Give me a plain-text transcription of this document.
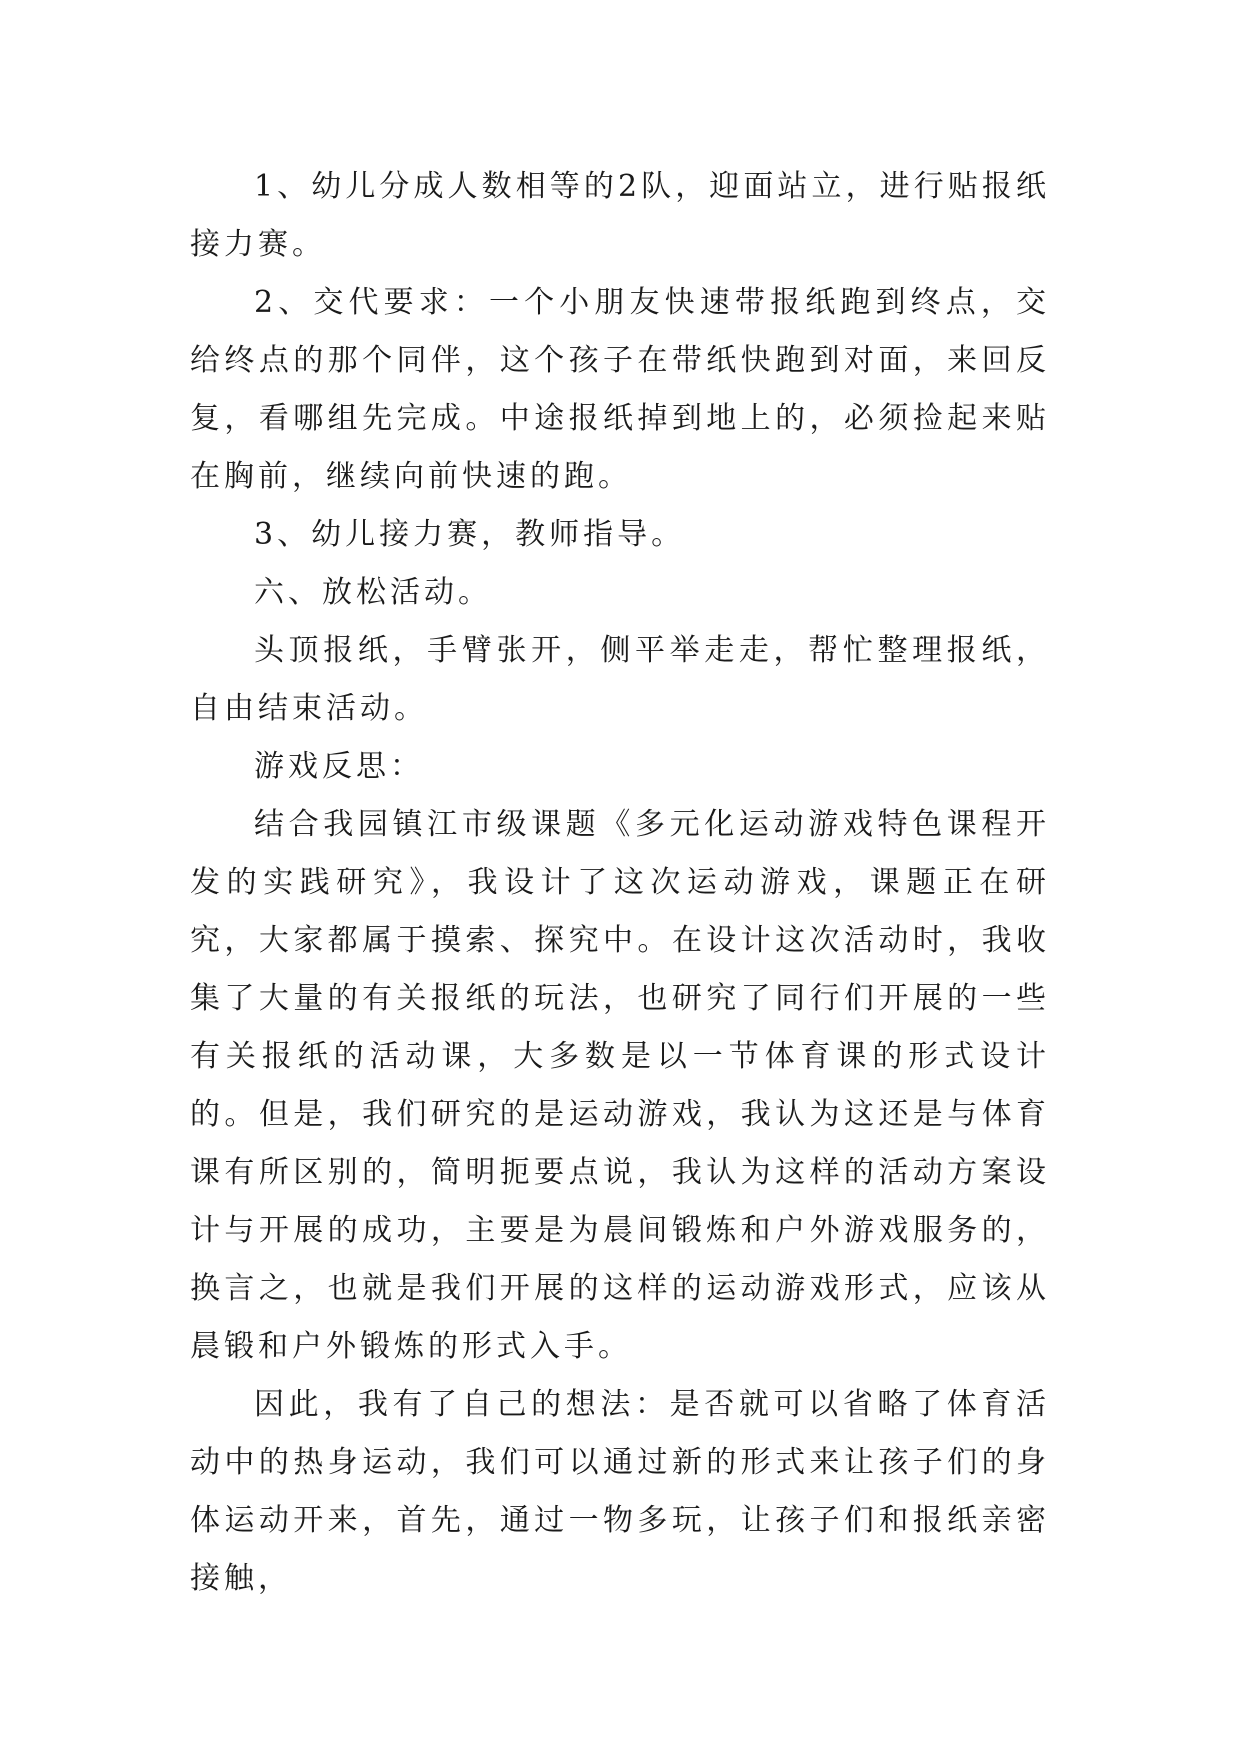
1、幼儿分成人数相等的2队，迎面站立，进行贴报纸接力赛。

2、交代要求：一个小朋友快速带报纸跑到终点，交给终点的那个同伴，这个孩子在带纸快跑到对面，来回反复，看哪组先完成。中途报纸掉到地上的，必须捡起来贴在胸前，继续向前快速的跑。

3、幼儿接力赛，教师指导。

六、放松活动。

头顶报纸，手臂张开，侧平举走走，帮忙整理报纸，自由结束活动。

游戏反思：

结合我园镇江市级课题《多元化运动游戏特色课程开发的实践研究》，我设计了这次运动游戏，课题正在研究，大家都属于摸索、探究中。在设计这次活动时，我收集了大量的有关报纸的玩法，也研究了同行们开展的一些有关报纸的活动课，大多数是以一节体育课的形式设计的。但是，我们研究的是运动游戏，我认为这还是与体育课有所区别的，简明扼要点说，我认为这样的活动方案设计与开展的成功，主要是为晨间锻炼和户外游戏服务的，换言之，也就是我们开展的这样的运动游戏形式，应该从晨锻和户外锻炼的形式入手。

因此，我有了自己的想法：是否就可以省略了体育活动中的热身运动，我们可以通过新的形式来让孩子们的身体运动开来，首先，通过一物多玩，让孩子们和报纸亲密接触，
